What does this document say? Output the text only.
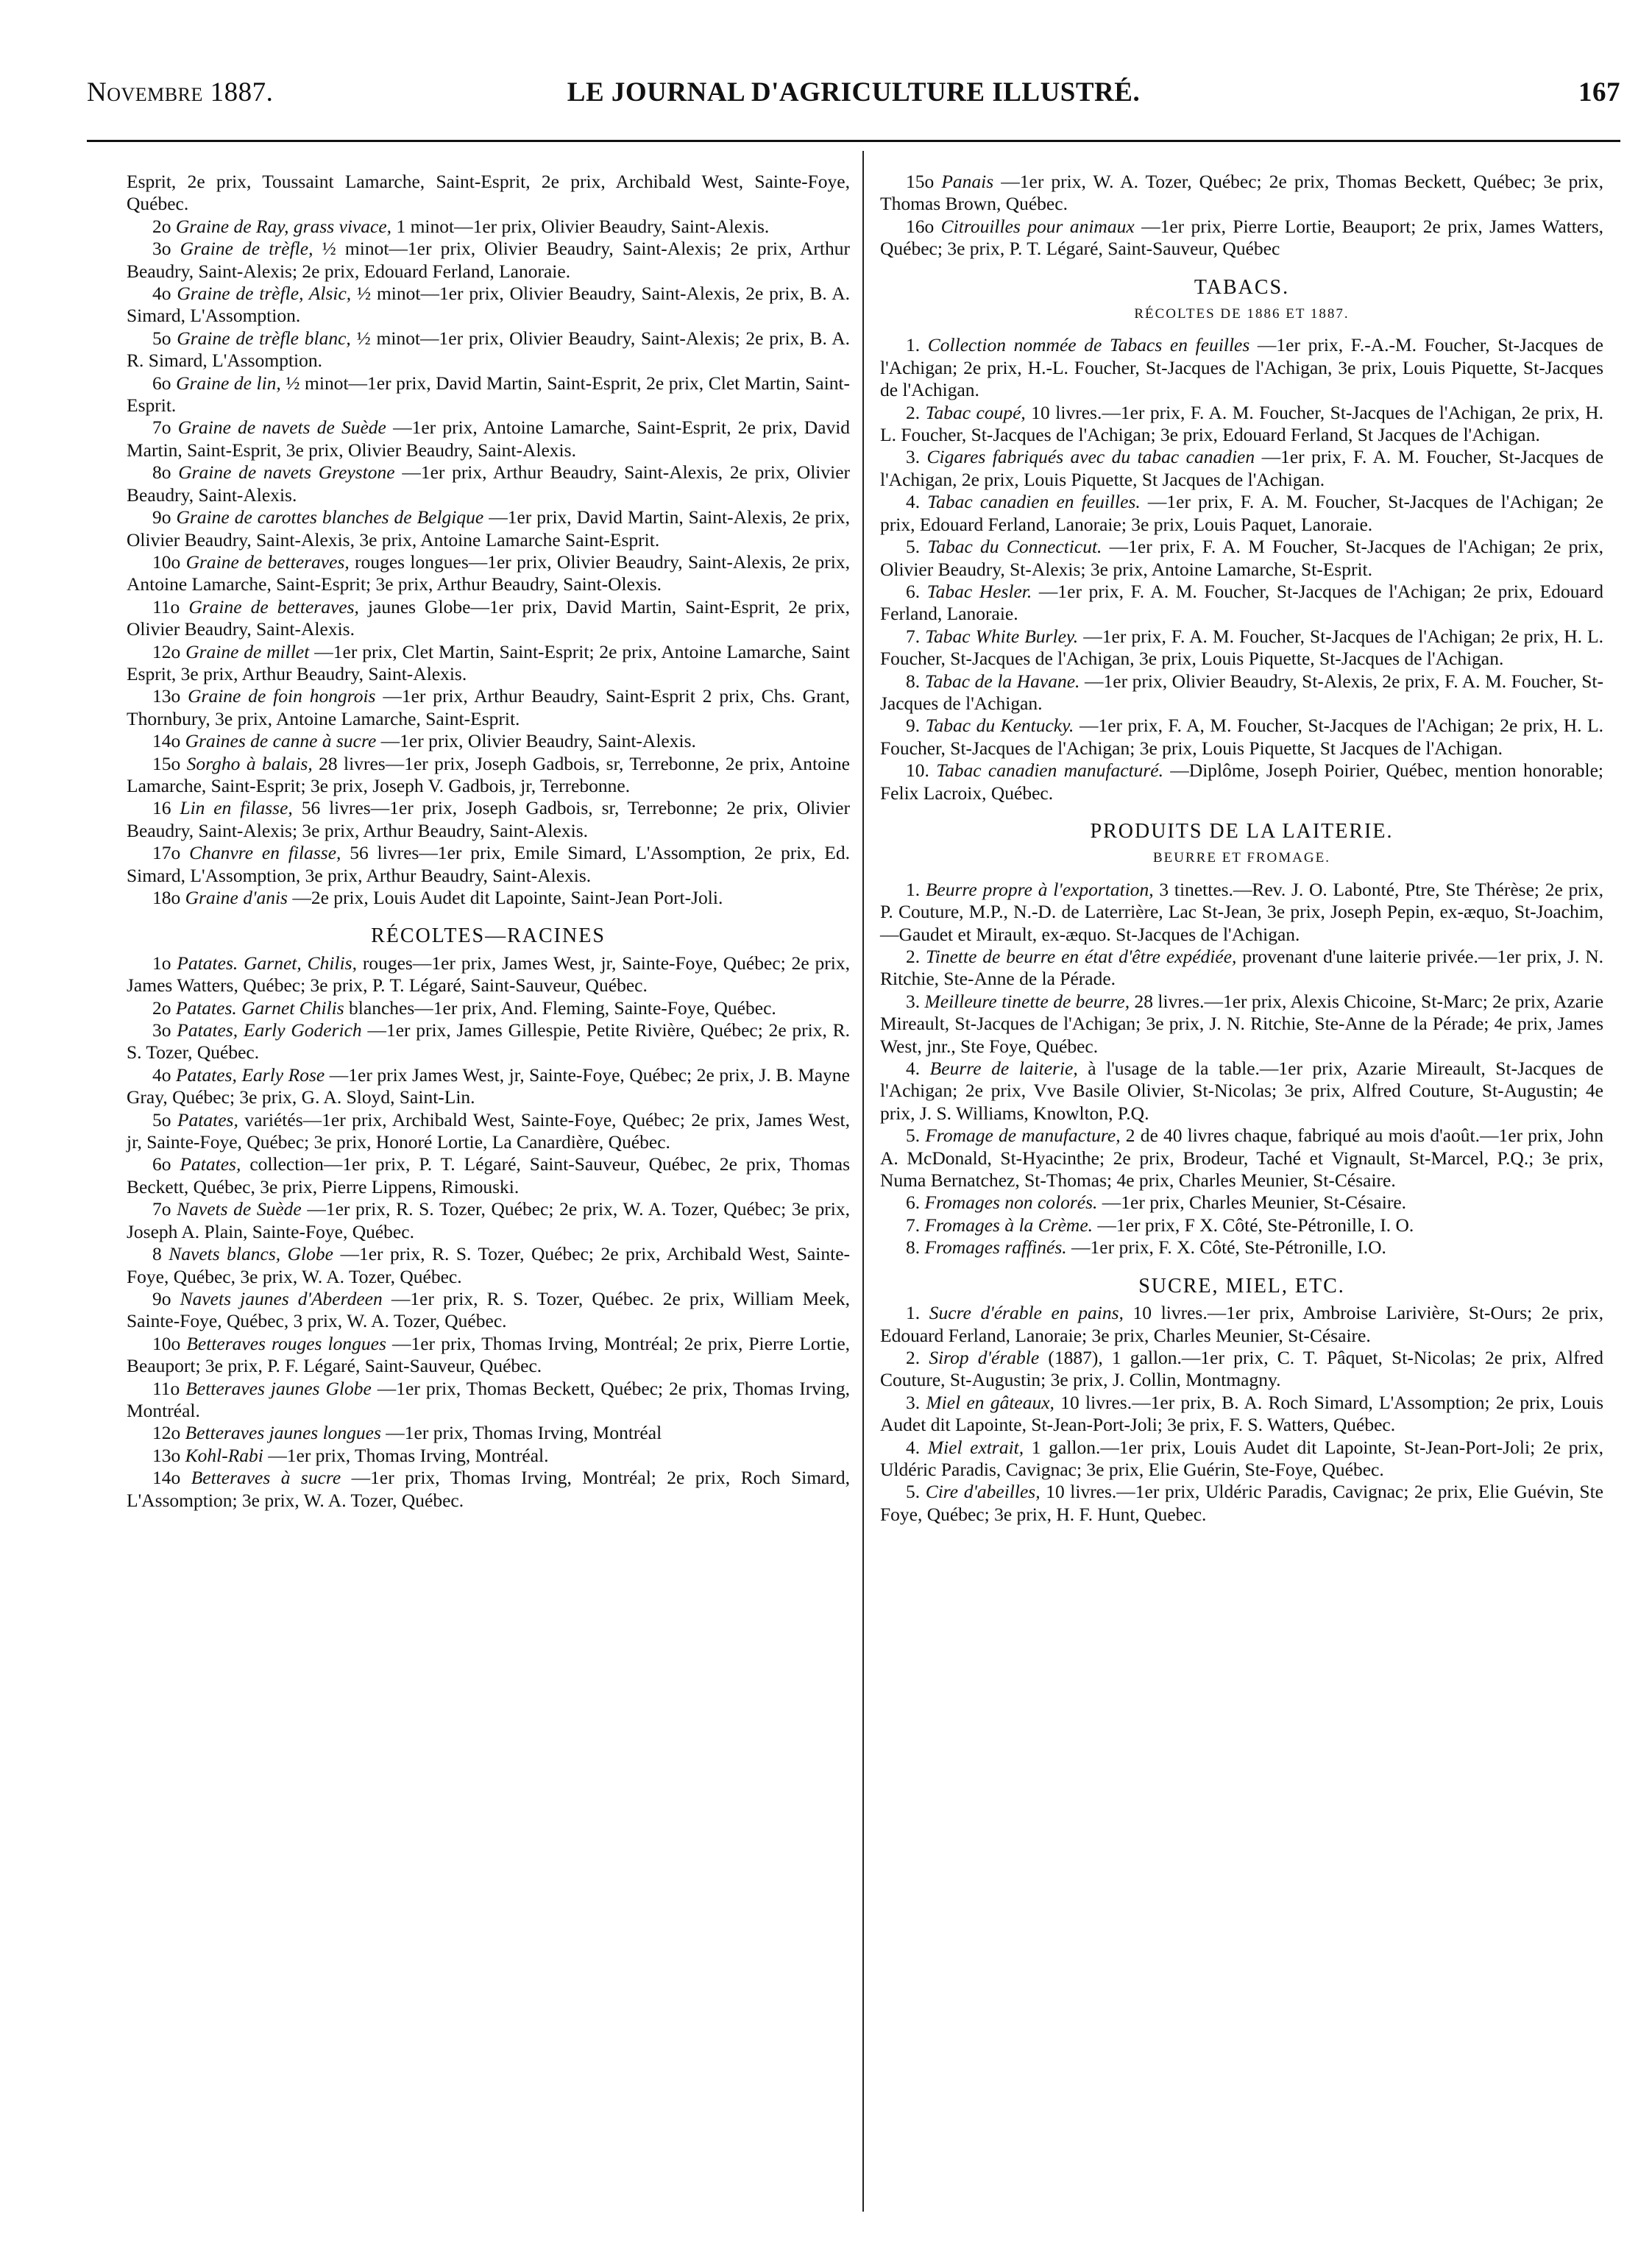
Novembre 1887.	LE JOURNAL D'AGRICULTURE ILLUSTRÉ.	167
Esprit, 2e prix, Toussaint Lamarche, Saint-Esprit, 2e prix, Archibald West, Sainte-Foye, Québec.
2o Graine de Ray, grass vivace, 1 minot—1er prix, Olivier Beaudry, Saint-Alexis.
3o Graine de trèfle, ½ minot—1er prix, Olivier Beaudry, Saint-Alexis; 2e prix, Arthur Beaudry, Saint-Alexis; 2e prix, Edouard Ferland, Lanoraie.
4o Graine de trèfle, Alsic, ½ minot—1er prix, Olivier Beaudry, Saint-Alexis, 2e prix, B. A. Simard, L'Assomption.
5o Graine de trèfle blanc, ½ minot—1er prix, Olivier Beaudry, Saint-Alexis; 2e prix, B. A. R. Simard, L'Assomption.
6o Graine de lin, ½ minot—1er prix, David Martin, Saint-Esprit, 2e prix, Clet Martin, Saint-Esprit.
7o Graine de navets de Suède —1er prix, Antoine Lamarche, Saint-Esprit, 2e prix, David Martin, Saint-Esprit, 3e prix, Olivier Beaudry, Saint-Alexis.
8o Graine de navets Greystone —1er prix, Arthur Beaudry, Saint-Alexis, 2e prix, Olivier Beaudry, Saint-Alexis.
9o Graine de carottes blanches de Belgique —1er prix, David Martin, Saint-Alexis, 2e prix, Olivier Beaudry, Saint-Alexis, 3e prix, Antoine Lamarche Saint-Esprit.
10o Graine de betteraves, rouges longues—1er prix, Olivier Beaudry, Saint-Alexis, 2e prix, Antoine Lamarche, Saint-Esprit; 3e prix, Arthur Beaudry, Saint-Olexis.
11o Graine de betteraves, jaunes Globe—1er prix, David Martin, Saint-Esprit, 2e prix, Olivier Beaudry, Saint-Alexis.
12o Graine de millet —1er prix, Clet Martin, Saint-Esprit; 2e prix, Antoine Lamarche, Saint Esprit, 3e prix, Arthur Beaudry, Saint-Alexis.
13o Graine de foin hongrois —1er prix, Arthur Beaudry, Saint-Esprit 2 prix, Chs. Grant, Thornbury, 3e prix, Antoine Lamarche, Saint-Esprit.
14o Graines de canne à sucre —1er prix, Olivier Beaudry, Saint-Alexis.
15o Sorgho à balais, 28 livres—1er prix, Joseph Gadbois, sr, Terrebonne, 2e prix, Antoine Lamarche, Saint-Esprit; 3e prix, Joseph V. Gadbois, jr, Terrebonne.
16 Lin en filasse, 56 livres—1er prix, Joseph Gadbois, sr, Terrebonne; 2e prix, Olivier Beaudry, Saint-Alexis; 3e prix, Arthur Beaudry, Saint-Alexis.
17o Chanvre en filasse, 56 livres—1er prix, Emile Simard, L'Assomption, 2e prix, Ed. Simard, L'Assomption, 3e prix, Arthur Beaudry, Saint-Alexis.
18o Graine d'anis —2e prix, Louis Audet dit Lapointe, Saint-Jean Port-Joli.
RÉCOLTES—RACINES
1o Patates. Garnet, Chilis, rouges—1er prix, James West, jr, Sainte-Foye, Québec; 2e prix, James Watters, Québec; 3e prix, P. T. Légaré, Saint-Sauveur, Québec.
2o Patates. Garnet Chilis blanches—1er prix, And. Fleming, Sainte-Foye, Québec.
3o Patates, Early Goderich —1er prix, James Gillespie, Petite Rivière, Québec; 2e prix, R. S. Tozer, Québec.
4o Patates, Early Rose —1er prix James West, jr, Sainte-Foye, Québec; 2e prix, J. B. Mayne Gray, Québec; 3e prix, G. A. Sloyd, Saint-Lin.
5o Patates, variétés—1er prix, Archibald West, Sainte-Foye, Québec; 2e prix, James West, jr, Sainte-Foye, Québec; 3e prix, Honoré Lortie, La Canardière, Québec.
6o Patates, collection—1er prix, P. T. Légaré, Saint-Sauveur, Québec, 2e prix, Thomas Beckett, Québec, 3e prix, Pierre Lippens, Rimouski.
7o Navets de Suède —1er prix, R. S. Tozer, Québec; 2e prix, W. A. Tozer, Québec; 3e prix, Joseph A. Plain, Sainte-Foye, Québec.
8 Navets blancs, Globe —1er prix, R. S. Tozer, Québec; 2e prix, Archibald West, Sainte-Foye, Québec, 3e prix, W. A. Tozer, Québec.
9o Navets jaunes d'Aberdeen —1er prix, R. S. Tozer, Québec. 2e prix, William Meek, Sainte-Foye, Québec, 3 prix, W. A. Tozer, Québec.
10o Betteraves rouges longues —1er prix, Thomas Irving, Montréal; 2e prix, Pierre Lortie, Beauport; 3e prix, P. F. Légaré, Saint-Sauveur, Québec.
11o Betteraves jaunes Globe —1er prix, Thomas Beckett, Québec; 2e prix, Thomas Irving, Montréal.
12o Betteraves jaunes longues —1er prix, Thomas Irving, Montréal
13o Kohl-Rabi —1er prix, Thomas Irving, Montréal.
14o Betteraves à sucre —1er prix, Thomas Irving, Montréal; 2e prix, Roch Simard, L'Assomption; 3e prix, W. A. Tozer, Québec.
15o Panais —1er prix, W. A. Tozer, Québec; 2e prix, Thomas Beckett, Québec; 3e prix, Thomas Brown, Québec.
16o Citrouilles pour animaux —1er prix, Pierre Lortie, Beauport; 2e prix, James Watters, Québec; 3e prix, P. T. Légaré, Saint-Sauveur, Québec
TABACS.
RÉCOLTES DE 1886 ET 1887.
1. Collection nommée de Tabacs en feuilles —1er prix, F.-A.-M. Foucher, St-Jacques de l'Achigan; 2e prix, H.-L. Foucher, St-Jacques de l'Achigan, 3e prix, Louis Piquette, St-Jacques de l'Achigan.
2. Tabac coupé, 10 livres.—1er prix, F. A. M. Foucher, St-Jacques de l'Achigan, 2e prix, H. L. Foucher, St-Jacques de l'Achigan; 3e prix, Edouard Ferland, St Jacques de l'Achigan.
3. Cigares fabriqués avec du tabac canadien —1er prix, F. A. M. Foucher, St-Jacques de l'Achigan, 2e prix, Louis Piquette, St Jacques de l'Achigan.
4. Tabac canadien en feuilles. —1er prix, F. A. M. Foucher, St-Jacques de l'Achigan; 2e prix, Edouard Ferland, Lanoraie; 3e prix, Louis Paquet, Lanoraie.
5. Tabac du Connecticut. —1er prix, F. A. M Foucher, St-Jacques de l'Achigan; 2e prix, Olivier Beaudry, St-Alexis; 3e prix, Antoine Lamarche, St-Esprit.
6. Tabac Hesler. —1er prix, F. A. M. Foucher, St-Jacques de l'Achigan; 2e prix, Edouard Ferland, Lanoraie.
7. Tabac White Burley. —1er prix, F. A. M. Foucher, St-Jacques de l'Achigan; 2e prix, H. L. Foucher, St-Jacques de l'Achigan, 3e prix, Louis Piquette, St-Jacques de l'Achigan.
8. Tabac de la Havane. —1er prix, Olivier Beaudry, St-Alexis, 2e prix, F. A. M. Foucher, St-Jacques de l'Achigan.
9. Tabac du Kentucky. —1er prix, F. A, M. Foucher, St-Jacques de l'Achigan; 2e prix, H. L. Foucher, St-Jacques de l'Achigan; 3e prix, Louis Piquette, St Jacques de l'Achigan.
10. Tabac canadien manufacturé. —Diplôme, Joseph Poirier, Québec, mention honorable; Felix Lacroix, Québec.
PRODUITS DE LA LAITERIE.
BEURRE ET FROMAGE.
1. Beurre propre à l'exportation, 3 tinettes.—Rev. J. O. Labonté, Ptre, Ste Thérèse; 2e prix, P. Couture, M.P., N.-D. de Laterrière, Lac St-Jean, 3e prix, Joseph Pepin, ex-æquo, St-Joachim, —Gaudet et Mirault, ex-æquo. St-Jacques de l'Achigan.
2. Tinette de beurre en état d'être expédiée, provenant d'une laiterie privée.—1er prix, J. N. Ritchie, Ste-Anne de la Pérade.
3. Meilleure tinette de beurre, 28 livres.—1er prix, Alexis Chicoine, St-Marc; 2e prix, Azarie Mireault, St-Jacques de l'Achigan; 3e prix, J. N. Ritchie, Ste-Anne de la Pérade; 4e prix, James West, jnr., Ste Foye, Québec.
4. Beurre de laiterie, à l'usage de la table.—1er prix, Azarie Mireault, St-Jacques de l'Achigan; 2e prix, Vve Basile Olivier, St-Nicolas; 3e prix, Alfred Couture, St-Augustin; 4e prix, J. S. Williams, Knowlton, P.Q.
5. Fromage de manufacture, 2 de 40 livres chaque, fabriqué au mois d'août.—1er prix, John A. McDonald, St-Hyacinthe; 2e prix, Brodeur, Taché et Vignault, St-Marcel, P.Q.; 3e prix, Numa Bernatchez, St-Thomas; 4e prix, Charles Meunier, St-Césaire.
6. Fromages non colorés. —1er prix, Charles Meunier, St-Césaire.
7. Fromages à la Crème. —1er prix, F X. Côté, Ste-Pétronille, I. O.
8. Fromages raffinés. —1er prix, F. X. Côté, Ste-Pétronille, I.O.
SUCRE, MIEL, ETC.
1. Sucre d'érable en pains, 10 livres.—1er prix, Ambroise Larivière, St-Ours; 2e prix, Edouard Ferland, Lanoraie; 3e prix, Charles Meunier, St-Césaire.
2. Sirop d'érable (1887), 1 gallon.—1er prix, C. T. Pâquet, St-Nicolas; 2e prix, Alfred Couture, St-Augustin; 3e prix, J. Collin, Montmagny.
3. Miel en gâteaux, 10 livres.—1er prix, B. A. Roch Simard, L'Assomption; 2e prix, Louis Audet dit Lapointe, St-Jean-Port-Joli; 3e prix, F. S. Watters, Québec.
4. Miel extrait, 1 gallon.—1er prix, Louis Audet dit Lapointe, St-Jean-Port-Joli; 2e prix, Uldéric Paradis, Cavignac; 3e prix, Elie Guérin, Ste-Foye, Québec.
5. Cire d'abeilles, 10 livres.—1er prix, Uldéric Paradis, Cavignac; 2e prix, Elie Guévin, Ste Foye, Québec; 3e prix, H. F. Hunt, Quebec.
